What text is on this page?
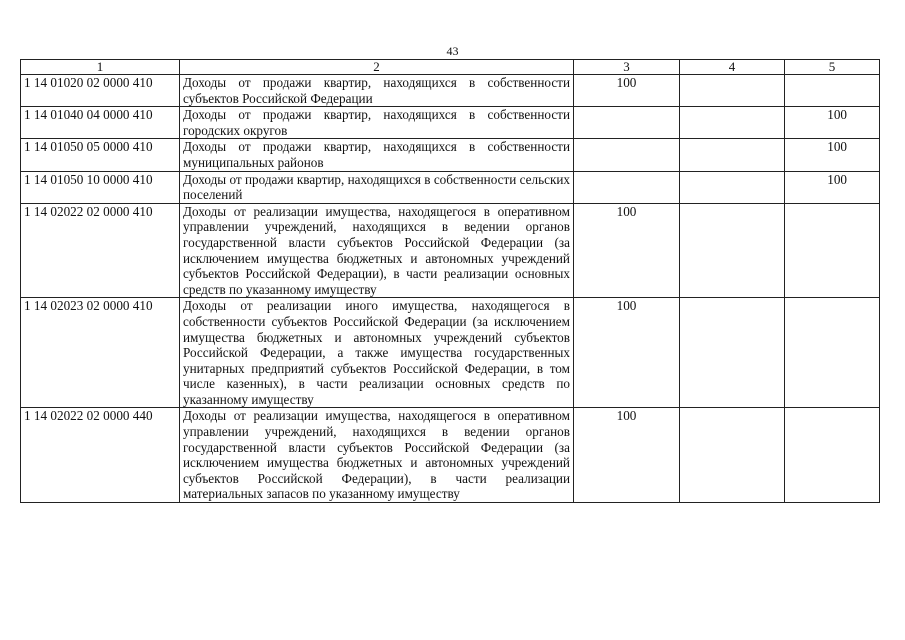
43
1	2	3	4	5
1 14 01020 02 0000 410	Доходы от продажи квартир, находящихся в собственности субъектов Российской Федерации	100		
1 14 01040 04 0000 410	Доходы от продажи квартир, находящихся в собственности городских округов			100
1 14 01050 05 0000 410	Доходы от продажи квартир, находящихся в собственности муниципальных районов			100
1 14 01050 10 0000 410	Доходы от продажи квартир, находящихся в собственности сельских поселений			100
1 14 02022 02 0000 410	Доходы от реализации имущества, находящегося в оперативном управлении учреждений, находящихся в ведении органов государственной власти субъектов Российской Федерации (за исключением имущества бюджетных и автономных учреждений субъектов Российской Федерации), в части реализации основных средств по указанному имуществу	100		
1 14 02023 02 0000 410	Доходы от реализации иного имущества, находящегося в собственности субъектов Российской Федерации (за исключением имущества бюджетных и автономных учреждений субъектов Российской Федерации, а также имущества государственных унитарных предприятий субъектов Российской Федерации, в том числе казенных), в части реализации основных средств по указанному имуществу	100		
1 14 02022 02 0000 440	Доходы от реализации имущества, находящегося в оперативном управлении учреждений, находящихся в ведении органов государственной власти субъектов Российской Федерации (за исключением имущества бюджетных и автономных учреждений субъектов Российской Федерации), в части реализации материальных запасов по указанному имуществу	100		
